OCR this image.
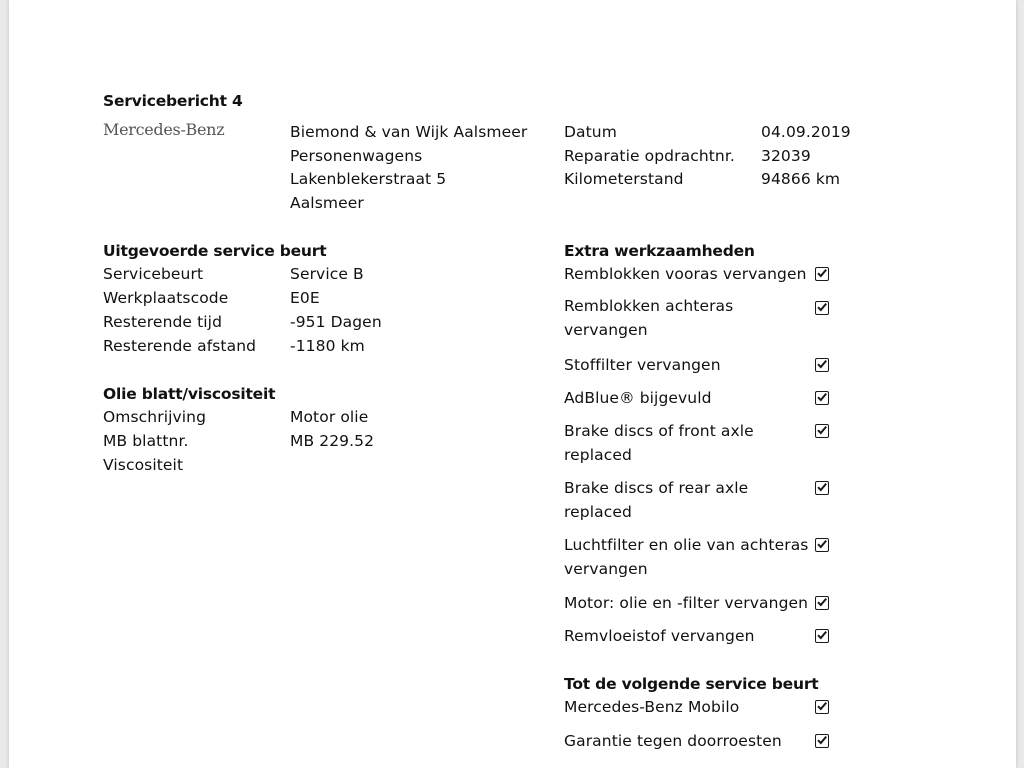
Servicebericht 4
Mercedes-Benz	Biemond & van Wijk Aalsmeer
Personenwagens
Lakenblekerstraat 5
Aalsmeer
Datum	04.09.2019
Reparatie opdrachtnr. 32039
Kilometerstand	94866 km
Uitgevoerde service beurt
Servicebeurt	Service B
Werkplaatscode	E0E
Resterende tijd	-951 Dagen
Resterende afstand -1180 km
Olie blatt/viscositeit
Omschrijving	Motor olie
MB blattnr.	MB 229.52
Viscositeit
Extra werkzaamheden
Remblokken vooras vervangen
Remblokken achteras vervangen
Stoffilter vervangen
AdBlue® bijgevuld
Brake discs of front axle replaced
Brake discs of rear axle replaced
Luchtfilter en olie van achteras vervangen
Motor: olie en -filter vervangen
Remvloeistof vervangen
Tot de volgende service beurt
Mercedes-Benz Mobilo
Garantie tegen doorroesten
